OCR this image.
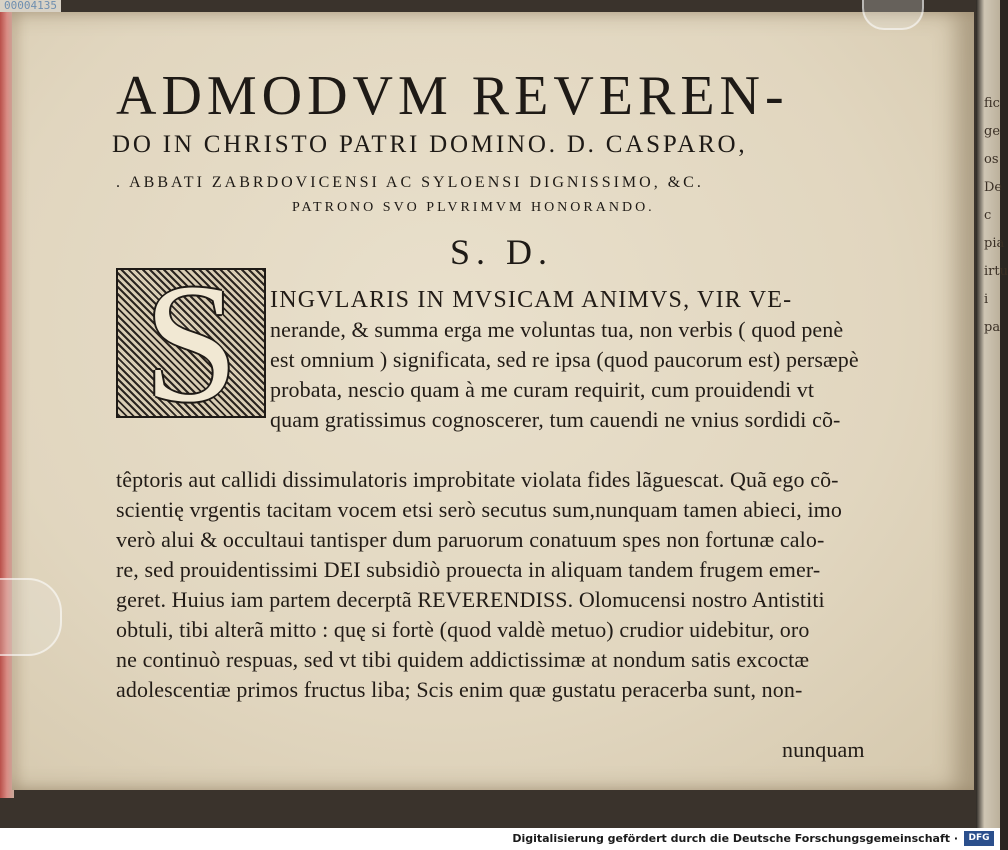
fic
ge
os
De
c
pia
irtu
i
pa
ADMODVM REVEREN-
DO IN CHRISTO PATRI DOMINO. D. CASPARO,
. ABBATI ZABRDOVICENSI AC SYLOENSI DIGNISSIMO, &C.
PATRONO SVO PLVRIMVM HONORANDO.
S. D.
S	INGVLARIS IN MVSICAM ANIMVS, VIR VE-
nerande, & summa erga me voluntas tua, non verbis ( quod penè
est omnium ) significata, sed re ipsa (quod paucorum est) persæpè
probata, nescio quam à me curam requirit, cum prouidendi vt
quam gratissimus cognoscerer, tum cauendi ne vnius sordidi cõ-
têptoris aut callidi dissimulatoris improbitate violata fides lãguescat. Quã ego cõ-
scientię vrgentis tacitam vocem etsi serò secutus sum,nunquam tamen abieci, imo
verò alui & occultaui tantisper dum paruorum conatuum spes non fortunæ calo-
re, sed prouidentissimi DEI subsidiò prouecta in aliquam tandem frugem emer-
geret. Huius iam partem decerptã REVERENDISS. Olomucensi nostro Antistiti
obtuli, tibi alterã mitto : quę si fortè (quod valdè metuo) crudior uidebitur, oro
ne continuò respuas, sed vt tibi quidem addictissimæ at nondum satis excoctæ
adolescentiæ primos fructus liba; Scis enim quæ gustatu peracerba sunt, non-
nunquam
00004135
Digitalisierung gefördert durch die Deutsche Forschungsgemeinschaft ·	DFG
